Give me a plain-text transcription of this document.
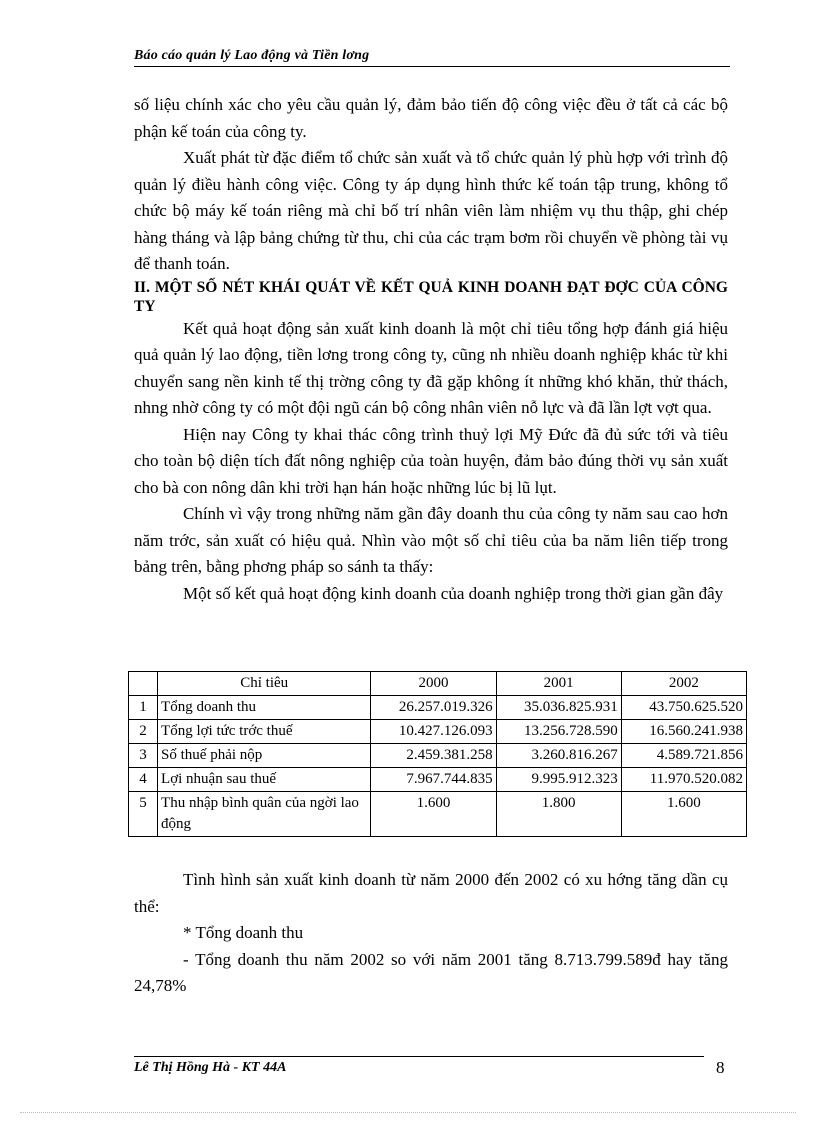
Báo cáo quản lý Lao động và Tiền lơng

số liệu chính xác cho yêu cầu quản lý, đảm bảo tiến độ công việc đều ở tất cả các bộ phận kế toán của công ty.

Xuất phát từ đặc điểm tổ chức sản xuất và tổ chức quản lý phù hợp với trình độ quản lý điều hành công việc. Công ty áp dụng hình thức kế toán tập trung, không tổ chức bộ máy kế toán riêng mà chỉ bố trí nhân viên làm nhiệm vụ thu thập, ghi chép hàng tháng và lập bảng chứng từ thu, chi của các trạm bơm rồi chuyển về phòng tài vụ để thanh toán.

II. MỘT SỐ NÉT KHÁI QUÁT VỀ KẾT QUẢ KINH DOANH ĐẠT ĐỢC CỦA CÔNG TY

Kết quả hoạt động sản xuất kinh doanh là một chỉ tiêu tổng hợp đánh giá hiệu quả quản lý lao động, tiền lơng trong công ty, cũng nh nhiều doanh nghiệp khác từ khi chuyển sang nền kinh tế thị trờng công ty đã gặp không ít những khó khăn, thử thách, nhng nhờ công ty có một đội ngũ cán bộ công nhân viên nỗ lực và đã lần lợt vợt qua.

Hiện nay Công ty khai thác công trình thuỷ lợi Mỹ Đức đã đủ sức tới và tiêu cho toàn bộ diện tích đất nông nghiệp của toàn huyện, đảm bảo đúng thời vụ sản xuất cho bà con nông dân khi trời hạn hán hoặc những lúc bị lũ lụt.

Chính vì vậy trong những năm gần đây doanh thu của công ty năm sau cao hơn năm trớc, sản xuất có hiệu quả. Nhìn vào một số chỉ tiêu của ba năm liên tiếp trong bảng trên, bằng phơng pháp so sánh ta thấy:

Một số kết quả hoạt động kinh doanh của doanh nghiệp trong thời gian gần đây

	Chỉ tiêu	2000	2001	2002
1	Tổng doanh thu	26.257.019.326	35.036.825.931	43.750.625.520
2	Tổng lợi tức trớc thuế	10.427.126.093	13.256.728.590	16.560.241.938
3	Số thuế phải nộp	2.459.381.258	3.260.816.267	4.589.721.856
4	Lợi nhuận sau thuế	7.967.744.835	9.995.912.323	11.970.520.082
5	Thu nhập bình quân của ngời lao động	1.600	1.800	1.600

Tình hình sản xuất kinh doanh từ năm 2000 đến 2002 có xu hớng tăng dần cụ thể:

* Tổng doanh thu

- Tổng doanh thu năm 2002 so với năm 2001 tăng 8.713.799.589đ hay tăng 24,78%

Lê Thị Hồng Hà - KT 44A	8
